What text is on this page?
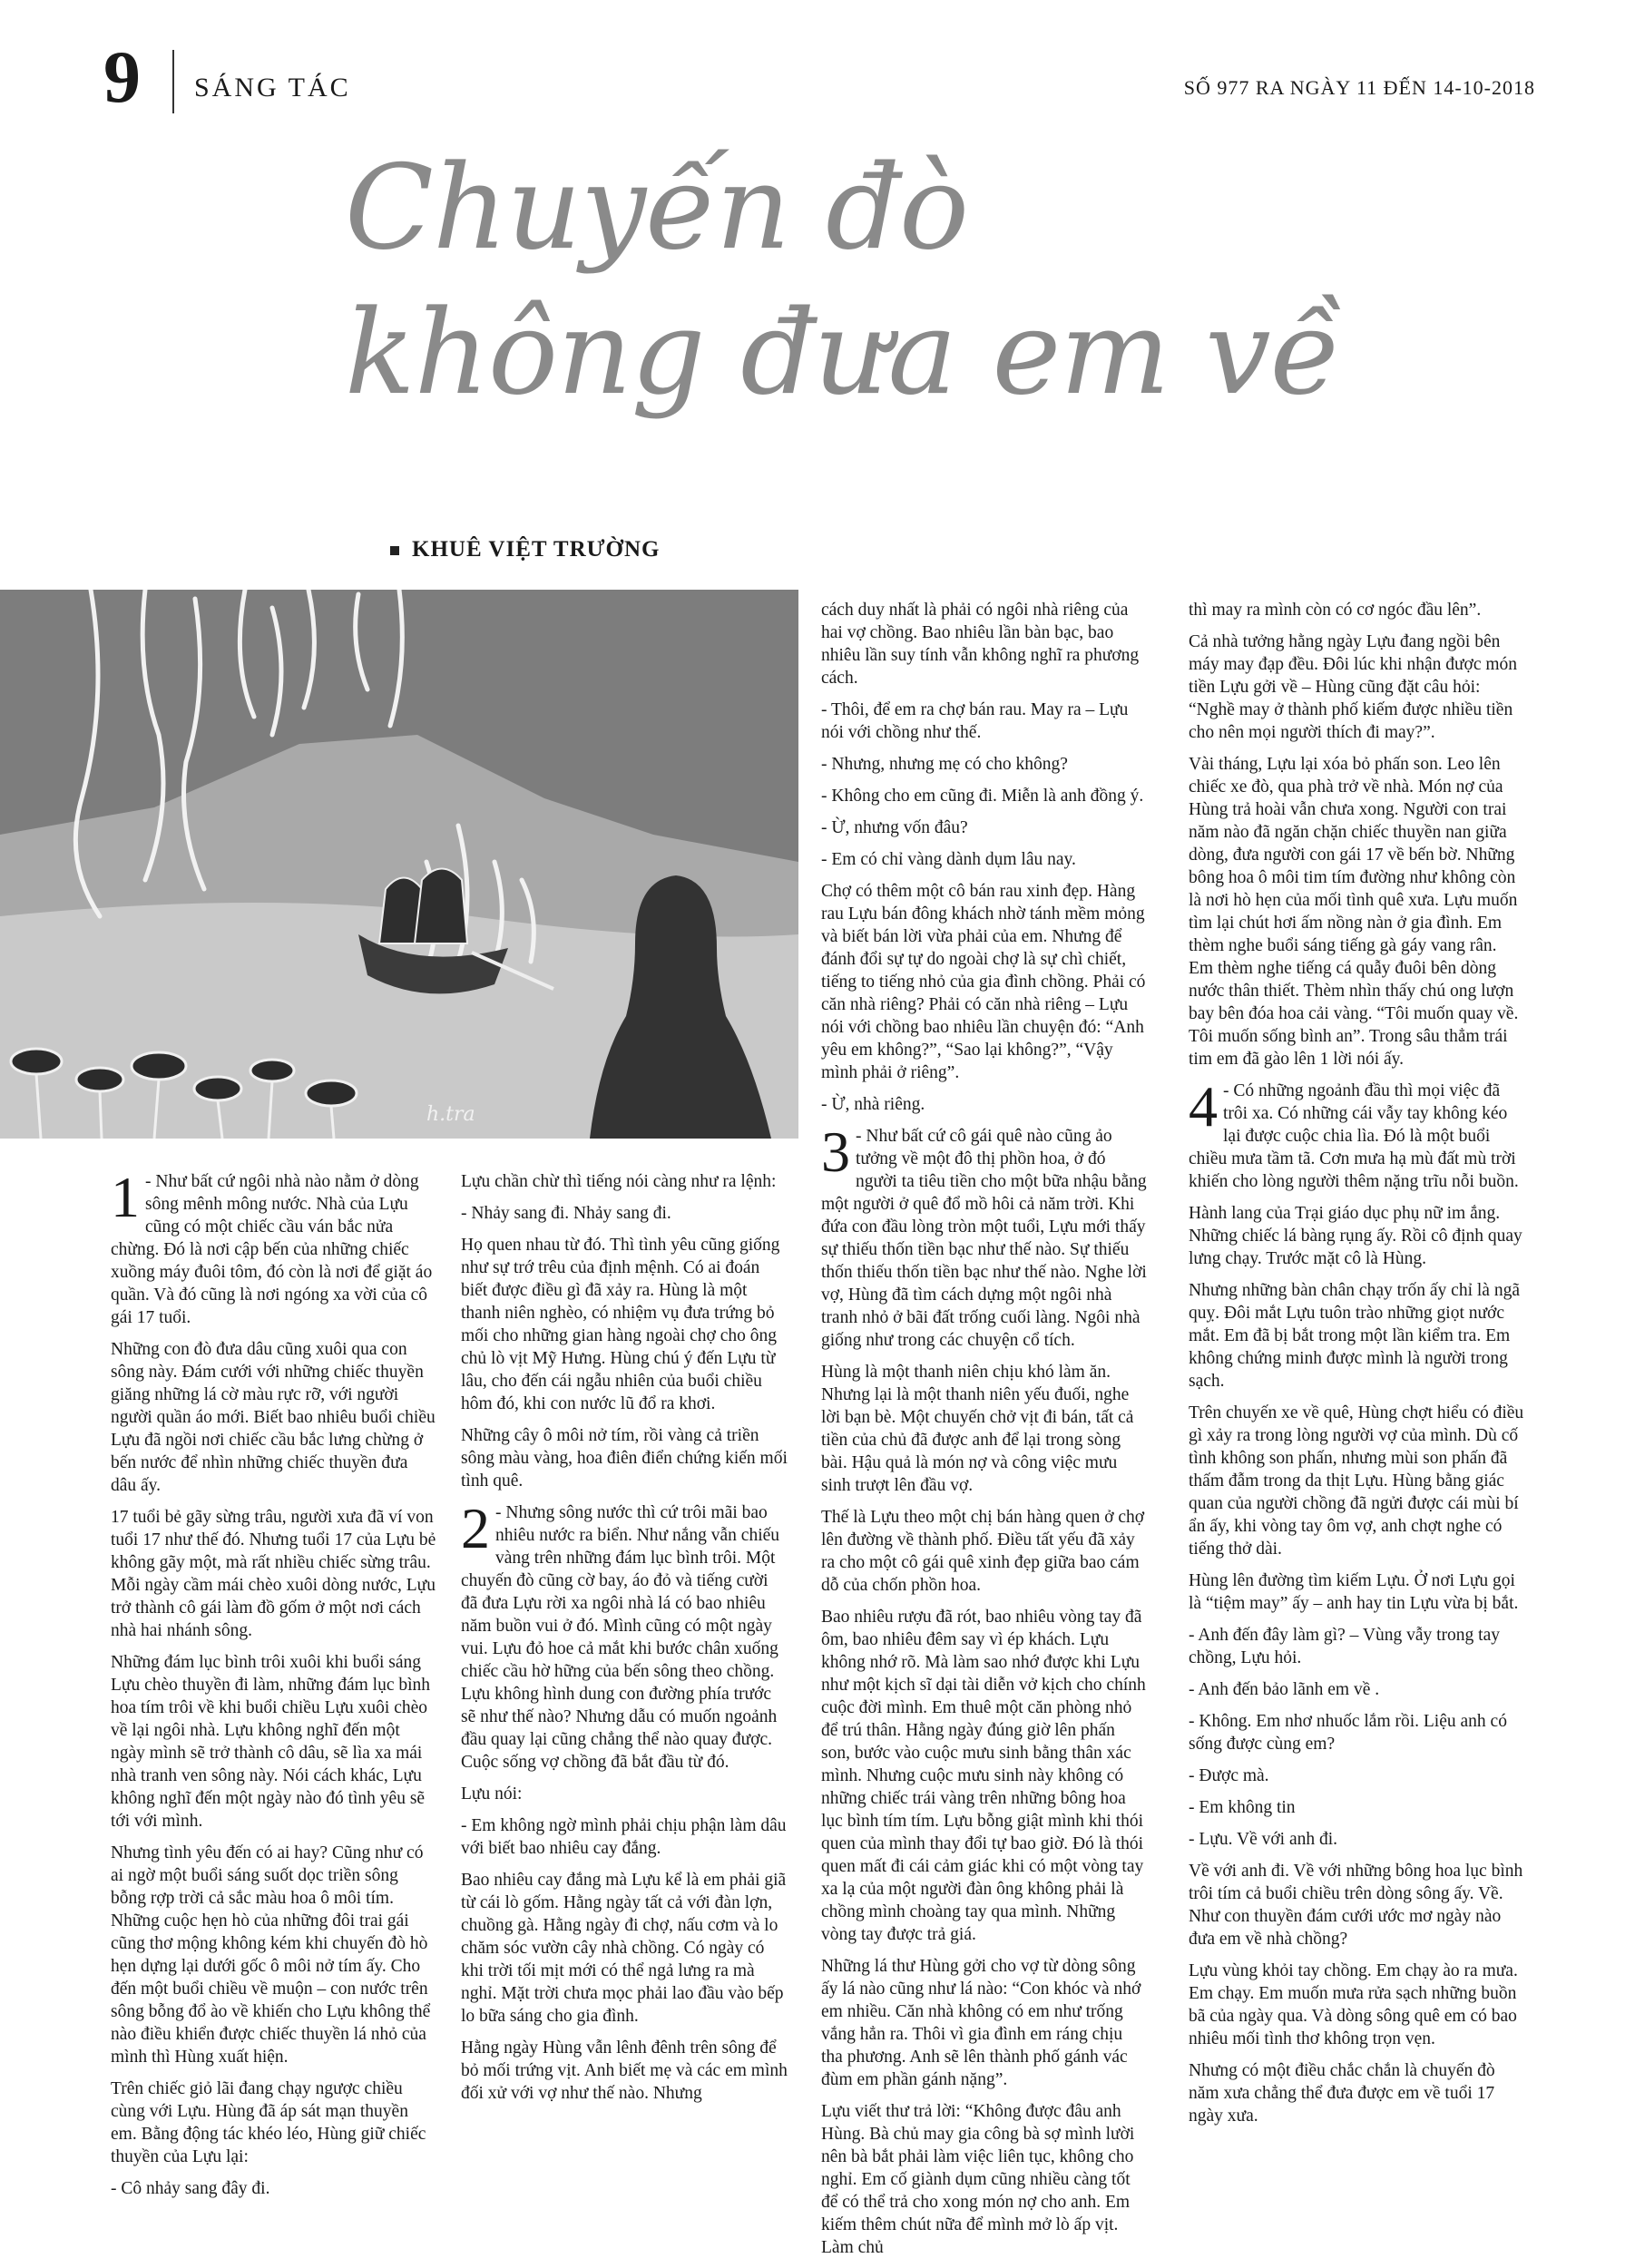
9 SÁNG TÁC	SỐ 977 RA NGÀY 11 ĐẾN 14-10-2018
Chuyến đò
không đưa em về
KHUÊ VIỆT TRƯỜNG
h.tra

1 - Như bất cứ ngôi nhà nào nằm ở dòng sông mênh mông nước. Nhà của Lựu cũng có một chiếc cầu ván bắc nửa chừng. Đó là nơi cập bến của những chiếc xuồng máy đuôi tôm, đó còn là nơi để giặt áo quần. Và đó cũng là nơi ngóng xa vời của cô gái 17 tuổi.

Những con đò đưa dâu cũng xuôi qua con sông này. Đám cưới với những chiếc thuyền giăng những lá cờ màu rực rỡ, với người người quần áo mới. Biết bao nhiêu buổi chiều Lựu đã ngồi nơi chiếc cầu bắc lưng chừng ở bến nước để nhìn những chiếc thuyền đưa dâu ấy.

17 tuổi bẻ gãy sừng trâu, người xưa đã ví von tuổi 17 như thế đó. Nhưng tuổi 17 của Lựu bẻ không gãy một, mà rất nhiều chiếc sừng trâu. Mỗi ngày cầm mái chèo xuôi dòng nước, Lựu trở thành cô gái làm đồ gốm ở một nơi cách nhà hai nhánh sông.

Những đám lục bình trôi xuôi khi buổi sáng Lựu chèo thuyền đi làm, những đám lục bình hoa tím trôi về khi buổi chiều Lựu xuôi chèo về lại ngôi nhà. Lựu không nghĩ đến một ngày mình sẽ trở thành cô dâu, sẽ lìa xa mái nhà tranh ven sông này. Nói cách khác, Lựu không nghĩ đến một ngày nào đó tình yêu sẽ tới với mình.

Nhưng tình yêu đến có ai hay? Cũng như có ai ngờ một buổi sáng suốt dọc triền sông bỗng rợp trời cả sắc màu hoa ô môi tím. Những cuộc hẹn hò của những đôi trai gái cũng thơ mộng không kém khi chuyến đò hò hẹn dựng lại dưới gốc ô môi nở tím ấy. Cho đến một buổi chiều về muộn – con nước trên sông bỗng đổ ào về khiến cho Lựu không thể nào điều khiển được chiếc thuyền lá nhỏ của mình thì Hùng xuất hiện.

Trên chiếc giỏ lãi đang chạy ngược chiều cùng với Lựu. Hùng đã áp sát mạn thuyền em. Bằng động tác khéo léo, Hùng giữ chiếc thuyền của Lựu lại:

- Cô nhảy sang đây đi.

Lựu chần chừ thì tiếng nói càng như ra lệnh:

- Nhảy sang đi. Nhảy sang đi.

Họ quen nhau từ đó. Thì tình yêu cũng giống như sự trớ trêu của định mệnh. Có ai đoán biết được điều gì đã xảy ra. Hùng là một thanh niên nghèo, có nhiệm vụ đưa trứng bỏ mối cho những gian hàng ngoài chợ cho ông chủ lò vịt Mỹ Hưng. Hùng chú ý đến Lựu từ lâu, cho đến cái ngẫu nhiên của buổi chiều hôm đó, khi con nước lũ đổ ra khơi.

Những cây ô môi nở tím, rồi vàng cả triền sông màu vàng, hoa điên điển chứng kiến mối tình quê.

2 - Nhưng sông nước thì cứ trôi mãi bao nhiêu nước ra biển. Như nắng vẫn chiếu vàng trên những đám lục bình trôi. Một chuyến đò cũng cờ bay, áo đỏ và tiếng cười đã đưa Lựu rời xa ngôi nhà lá có bao nhiêu năm buồn vui ở đó. Mình cũng có một ngày vui. Lựu đỏ hoe cả mắt khi bước chân xuống chiếc cầu hờ hững của bến sông theo chồng. Lựu không hình dung con đường phía trước sẽ như thế nào? Nhưng dẫu có muốn ngoảnh đầu quay lại cũng chẳng thể nào quay được. Cuộc sống vợ chồng đã bắt đầu từ đó.

Lựu nói:

- Em không ngờ mình phải chịu phận làm dâu với biết bao nhiêu cay đắng.

Bao nhiêu cay đắng mà Lựu kể là em phải giã từ cái lò gốm. Hằng ngày tất cả với đàn lợn, chuồng gà. Hằng ngày đi chợ, nấu cơm và lo chăm sóc vườn cây nhà chồng. Có ngày có khi trời tối mịt mới có thể ngả lưng ra mà nghỉ. Mặt trời chưa mọc phải lao đầu vào bếp lo bữa sáng cho gia đình.

Hằng ngày Hùng vẫn lênh đênh trên sông để bỏ mối trứng vịt. Anh biết mẹ và các em mình đối xử với vợ như thế nào. Nhưng

cách duy nhất là phải có ngôi nhà riêng của hai vợ chồng. Bao nhiêu lần bàn bạc, bao nhiêu lần suy tính vẫn không nghĩ ra phương cách.

- Thôi, để em ra chợ bán rau. May ra – Lựu nói với chồng như thế.

- Nhưng, nhưng mẹ có cho không?

- Không cho em cũng đi. Miễn là anh đồng ý.

- Ừ, nhưng vốn đâu?

- Em có chỉ vàng dành dụm lâu nay.

Chợ có thêm một cô bán rau xinh đẹp. Hàng rau Lựu bán đông khách nhờ tánh mềm mỏng và biết bán lời vừa phải của em. Nhưng để đánh đổi sự tự do ngoài chợ là sự chì chiết, tiếng to tiếng nhỏ của gia đình chồng. Phải có căn nhà riêng? Phải có căn nhà riêng – Lựu nói với chồng bao nhiêu lần chuyện đó: “Anh yêu em không?”, “Sao lại không?”, “Vậy mình phải ở riêng”.

- Ừ, nhà riêng.

3 - Như bất cứ cô gái quê nào cũng ảo tưởng về một đô thị phồn hoa, ở đó người ta tiêu tiền cho một bữa nhậu bằng một người ở quê đổ mồ hôi cả năm trời. Khi đứa con đầu lòng tròn một tuổi, Lựu mới thấy sự thiếu thốn tiền bạc như thế nào. Sự thiếu thốn thiếu thốn tiền bạc như thế nào. Nghe lời vợ, Hùng đã tìm cách dựng một ngôi nhà tranh nhỏ ở bãi đất trống cuối làng. Ngôi nhà giống như trong các chuyện cổ tích.

Hùng là một thanh niên chịu khó làm ăn. Nhưng lại là một thanh niên yếu đuối, nghe lời bạn bè. Một chuyến chở vịt đi bán, tất cả tiền của chủ đã được anh để lại trong sòng bài. Hậu quả là món nợ và công việc mưu sinh trượt lên đầu vợ.

Thế là Lựu theo một chị bán hàng quen ở chợ lên đường về thành phố. Điều tất yếu đã xảy ra cho một cô gái quê xinh đẹp giữa bao cám dỗ của chốn phồn hoa.

Bao nhiêu rượu đã rót, bao nhiêu vòng tay đã ôm, bao nhiêu đêm say vì ép khách. Lựu không nhớ rõ. Mà làm sao nhớ được khi Lựu như một kịch sĩ dại tài diễn vở kịch cho chính cuộc đời mình. Em thuê một căn phòng nhỏ để trú thân. Hằng ngày đúng giờ lên phấn son, bước vào cuộc mưu sinh bằng thân xác mình. Nhưng cuộc mưu sinh này không có những chiếc trái vàng trên những bông hoa lục bình tím tím. Lựu bỗng giật mình khi thói quen của mình thay đổi tự bao giờ. Đó là thói quen mất đi cái cảm giác khi có một vòng tay xa lạ của một người đàn ông không phải là chồng mình choàng tay qua mình. Những vòng tay được trả giá.

Những lá thư Hùng gởi cho vợ từ dòng sông ấy lá nào cũng như lá nào: “Con khóc và nhớ em nhiều. Căn nhà không có em như trống vắng hẳn ra. Thôi vì gia đình em ráng chịu tha phương. Anh sẽ lên thành phố gánh vác đùm em phần gánh nặng”.

Lựu viết thư trả lời: “Không được đâu anh Hùng. Bà chủ may gia công bà sợ mình lười nên bà bắt phải làm việc liên tục, không cho nghỉ. Em cố giành dụm cũng nhiều càng tốt để có thể trả cho xong món nợ cho anh. Em kiếm thêm chút nữa để mình mở lò ấp vịt. Làm chủ

thì may ra mình còn có cơ ngóc đầu lên”.

Cả nhà tưởng hằng ngày Lựu đang ngồi bên máy may đạp đều. Đôi lúc khi nhận được món tiền Lựu gởi về – Hùng cũng đặt câu hỏi: “Nghề may ở thành phố kiếm được nhiều tiền cho nên mọi người thích đi may?”.

Vài tháng, Lựu lại xóa bỏ phấn son. Leo lên chiếc xe đò, qua phà trở về nhà. Món nợ của Hùng trả hoài vẫn chưa xong. Người con trai năm nào đã ngăn chặn chiếc thuyền nan giữa dòng, đưa người con gái 17 về bến bờ. Những bông hoa ô môi tim tím đường như không còn là nơi hò hẹn của mối tình quê xưa. Lựu muốn tìm lại chút hơi ấm nồng nàn ở gia đình. Em thèm nghe buổi sáng tiếng gà gáy vang rân. Em thèm nghe tiếng cá quẫy đuôi bên dòng nước thân thiết. Thèm nhìn thấy chú ong lượn bay bên đóa hoa cải vàng. “Tôi muốn quay về. Tôi muốn sống bình an”. Trong sâu thẳm trái tim em đã gào lên 1 lời nói ấy.

4 - Có những ngoảnh đầu thì mọi việc đã trôi xa. Có những cái vẫy tay không kéo lại được cuộc chia lìa. Đó là một buổi chiều mưa tầm tã. Cơn mưa hạ mù đất mù trời khiến cho lòng người thêm nặng trĩu nỗi buồn.

Hành lang của Trại giáo dục phụ nữ im ắng. Những chiếc lá bàng rụng ấy. Rồi cô định quay lưng chạy. Trước mặt cô là Hùng.

Nhưng những bàn chân chạy trốn ấy chỉ là ngã quỵ. Đôi mắt Lựu tuôn trào những giọt nước mắt. Em đã bị bắt trong một lần kiểm tra. Em không chứng minh được mình là người trong sạch.

Trên chuyến xe về quê, Hùng chợt hiểu có điều gì xảy ra trong lòng người vợ của mình. Dù cố tình không son phấn, nhưng mùi son phấn đã thấm đẫm trong da thịt Lựu. Hùng bằng giác quan của người chồng đã ngửi được cái mùi bí ẩn ấy, khi vòng tay ôm vợ, anh chợt nghe có tiếng thở dài.

Hùng lên đường tìm kiếm Lựu. Ở nơi Lựu gọi là “tiệm may” ấy – anh hay tin Lựu vừa bị bắt.

- Anh đến đây làm gì? – Vùng vẫy trong tay chồng, Lựu hỏi.

- Anh đến bảo lãnh em về .

- Không. Em nhơ nhuốc lắm rồi. Liệu anh có sống được cùng em?

- Được mà.

- Em không tin

- Lựu. Về với anh đi.

Về với anh đi. Về với những bông hoa lục bình trôi tím cả buổi chiều trên dòng sông ấy. Về. Như con thuyền đám cưới ước mơ ngày nào đưa em về nhà chồng?

Lựu vùng khỏi tay chồng. Em chạy ào ra mưa. Em chạy. Em muốn mưa rửa sạch những buồn bã của ngày qua. Và dòng sông quê em có bao nhiêu mối tình thơ không trọn vẹn.

Nhưng có một điều chắc chắn là chuyến đò năm xưa chẳng thể đưa được em về tuổi 17 ngày xưa.
